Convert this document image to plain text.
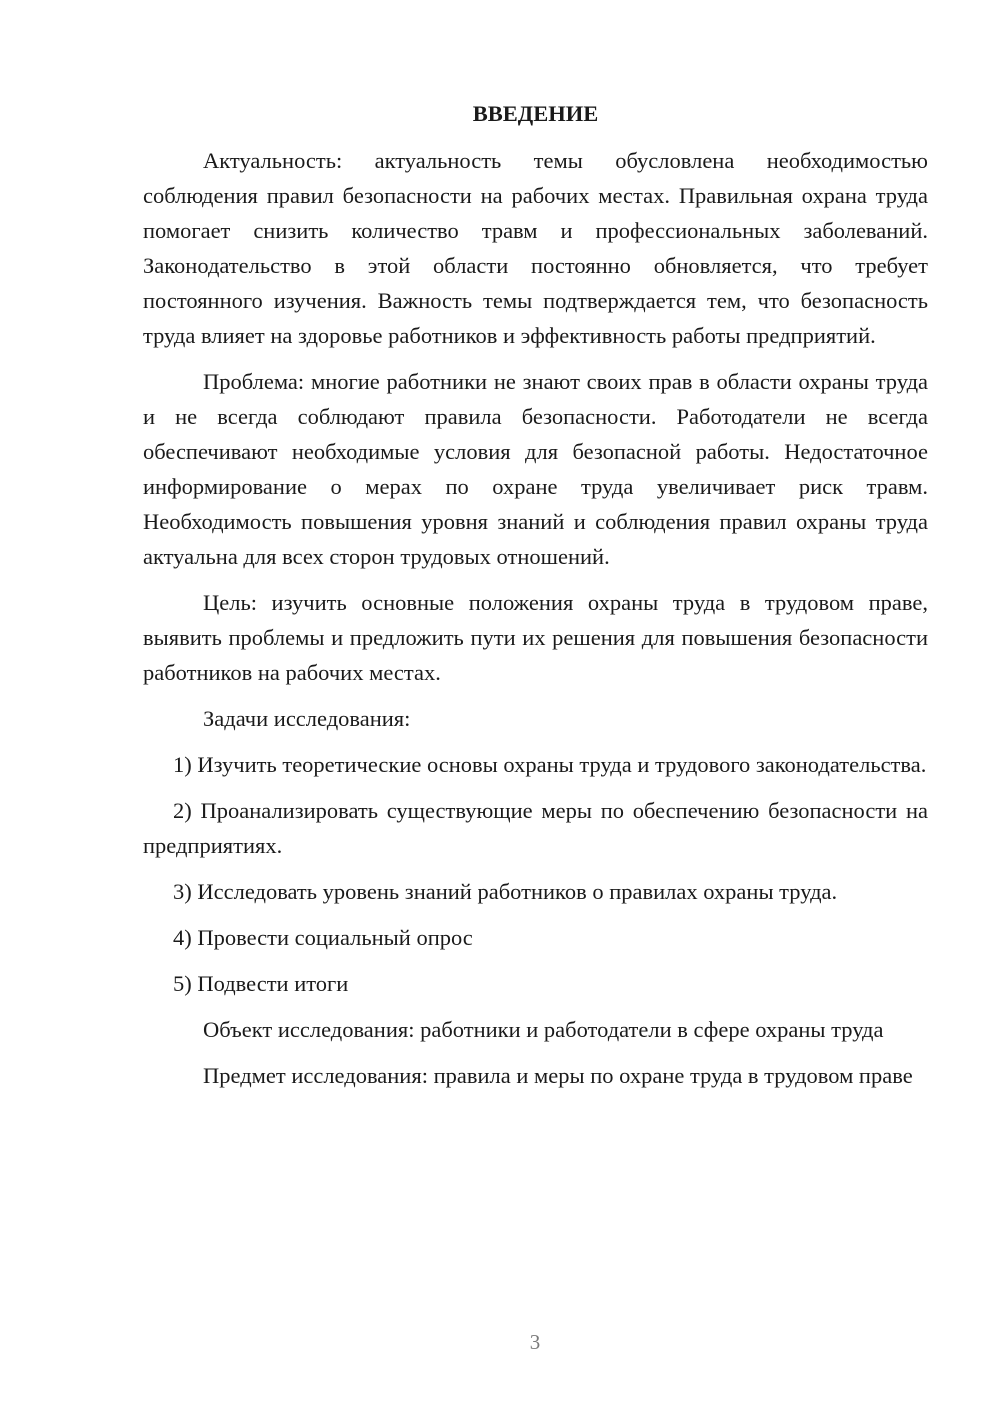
ВВЕДЕНИЕ

Актуальность: актуальность темы обусловлена необходимостью соблюдения правил безопасности на рабочих местах. Правильная охрана труда помогает снизить количество травм и профессиональных заболеваний. Законодательство в этой области постоянно обновляется, что требует постоянного изучения. Важность темы подтверждается тем, что безопасность труда влияет на здоровье работников и эффективность работы предприятий.

Проблема: многие работники не знают своих прав в области охраны труда и не всегда соблюдают правила безопасности. Работодатели не всегда обеспечивают необходимые условия для безопасной работы. Недостаточное информирование о мерах по охране труда увеличивает риск травм. Необходимость повышения уровня знаний и соблюдения правил охраны труда актуальна для всех сторон трудовых отношений.

Цель: изучить основные положения охраны труда в трудовом праве, выявить проблемы и предложить пути их решения для повышения безопасности работников на рабочих местах.

Задачи исследования:

1) Изучить теоретические основы охраны труда и трудового законодательства.

2) Проанализировать существующие меры по обеспечению безопасности на предприятиях.

3) Исследовать уровень знаний работников о правилах охраны труда.

4) Провести социальный опрос

5) Подвести итоги

Объект исследования: работники и работодатели в сфере охраны труда

Предмет исследования: правила и меры по охране труда в трудовом праве

3
